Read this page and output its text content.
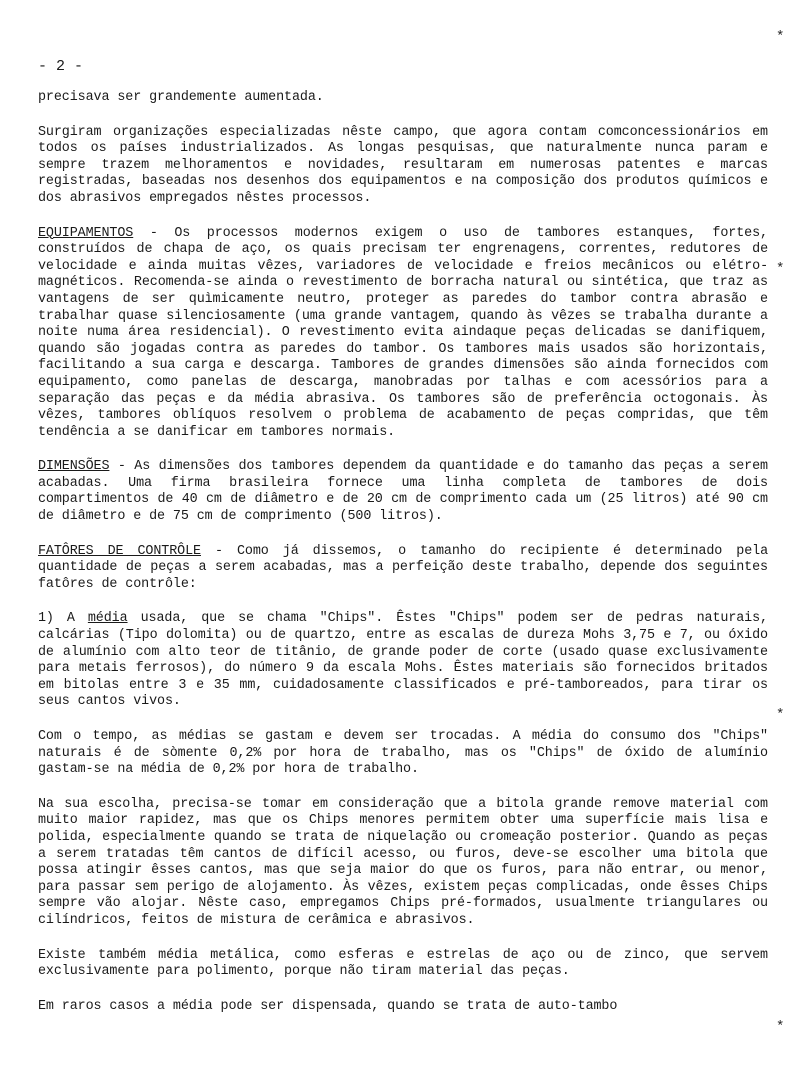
- 2 -

precisava ser grandemente aumentada.

Surgiram organizações especializadas nêste campo, que agora contam comconcessionários em todos os países industrializados. As longas pesquisas, que naturalmente nunca param e sempre trazem melhoramentos e novidades, resultaram em numerosas patentes e marcas registradas, baseadas nos desenhos dos equipamentos e na composição dos produtos químicos e dos abrasivos empregados nêstes processos.

EQUIPAMENTOS - Os processos modernos exigem o uso de tambores estanques, fortes, construídos de chapa de aço, os quais precisam ter engrenagens, correntes, redutores de velocidade e ainda muitas vêzes, variadores de velocidade e freios mecânicos ou elétro-magnéticos. Recomenda-se ainda o revestimento de borracha natural ou sintética, que traz as vantagens de ser quìmicamente neutro, proteger as paredes do tambor contra abrasão e trabalhar quase silenciosamente (uma grande vantagem, quando às vêzes se trabalha durante a noite numa área residencial). O revestimento evita aindaque peças delicadas se danifiquem, quando são jogadas contra as paredes do tambor. Os tambores mais usados são horizontais, facilitando a sua carga e descarga. Tambores de grandes dimensões são ainda fornecidos com equipamento, como panelas de descarga, manobradas por talhas e com acessórios para a separação das peças e da média abrasiva. Os tambores são de preferência octogonais. Às vêzes, tambores oblíquos resolvem o problema de acabamento de peças compridas, que têm tendência a se danificar em tambores normais.

DIMENSÕES - As dimensões dos tambores dependem da quantidade e do tamanho das peças a serem acabadas. Uma firma brasileira fornece uma linha completa de tambores de dois compartimentos de 40 cm de diâmetro e de 20 cm de comprimento cada um (25 litros) até 90 cm de diâmetro e de 75 cm de comprimento (500 litros).

FATÔRES DE CONTRÔLE - Como já dissemos, o tamanho do recipiente é determinado pela quantidade de peças a serem acabadas, mas a perfeição deste trabalho, depende dos seguintes fatôres de contrôle:

1) A média usada, que se chama "Chips". Êstes "Chips" podem ser de pedras naturais, calcárias (Tipo dolomita) ou de quartzo, entre as escalas de dureza Mohs 3,75 e 7, ou óxido de alumínio com alto teor de titânio, de grande poder de corte (usado quase exclusivamente para metais ferrosos), do número 9 da escala Mohs. Êstes materiais são fornecidos britados em bitolas entre 3 e 35 mm, cuidadosamente classificados e pré-tamboreados, para tirar os seus cantos vivos.

Com o tempo, as médias se gastam e devem ser trocadas. A média do consumo dos "Chips" naturais é de sòmente 0,2% por hora de trabalho, mas os "Chips" de óxido de alumínio gastam-se na média de 0,2% por hora de trabalho.

Na sua escolha, precisa-se tomar em consideração que a bitola grande remove material com muito maior rapidez, mas que os Chips menores permitem obter uma superfície mais lisa e polida, especialmente quando se trata de niquelação ou cromeação posterior. Quando as peças a serem tratadas têm cantos de difícil acesso, ou furos, deve-se escolher uma bitola que possa atingir êsses cantos, mas que seja maior do que os furos, para não entrar, ou menor, para passar sem perigo de alojamento. Às vêzes, existem peças complicadas, onde êsses Chips sempre vão alojar. Nêste caso, empregamos Chips pré-formados, usualmente triangulares ou cilíndricos, feitos de mistura de cerâmica e abrasivos.

Existe também média metálica, como esferas e estrelas de aço ou de zinco, que servem exclusivamente para polimento, porque não tiram material das peças.

Em raros casos a média pode ser dispensada, quando se trata de auto-tambo

*
*
*
*
